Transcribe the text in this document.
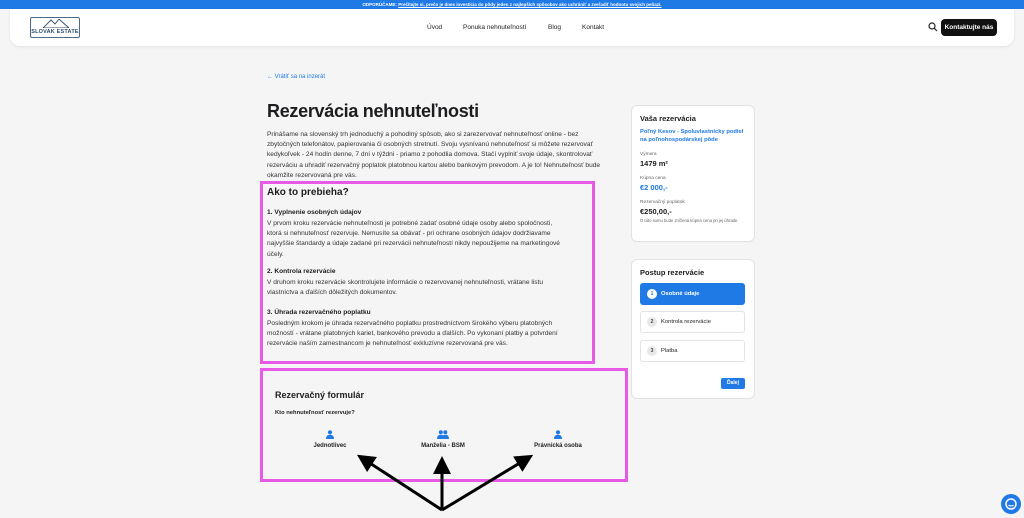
ODPORÚČAME: Prečítajte si, prečo je dnes investícia do pôdy jeden z najlepších spôsobov ako uchrániť a zveľadiť hodnotu svojich peňazí.
SLOVAK ESTATE
Úvod	Ponuka nehnuteľností	Blog	Kontakt	Kontaktujte nás
← Vrátiť sa na inzerát
Rezervácia nehnuteľnosti
Prinášame na slovenský trh jednoduchý a pohodlný spôsob, ako si zarezervovať nehnuteľnosť online - bez zbytočných telefonátov, papierovania či osobných stretnutí. Svoju vysnívanú nehnuteľnosť si môžete rezervovať kedykoľvek - 24 hodín denne, 7 dní v týždni - priamo z pohodlia domova. Stačí vyplniť svoje údaje, skontrolovať rezerváciu a uhradiť rezervačný poplatok platobnou kartou alebo bankovým prevodom. A je to! Nehnuteľnosť bude okamžite rezervovaná pre vás.
Ako to prebieha?
1. Vyplnenie osobných údajov
V prvom kroku rezervácie nehnuteľnosti je potrebné zadať osobné údaje osoby alebo spoločnosti, ktorá si nehnuteľnosť rezervuje. Nemusíte sa obávať - pri ochrane osobných údajov dodržiavame najvyššie štandardy a údaje zadané pri rezervácii nehnuteľností nikdy nepoužijeme na marketingové účely.
2. Kontrola rezervácie
V druhom kroku rezervácie skontrolujete informácie o rezervovanej nehnuteľnosti, vrátane listu vlastníctva a ďalších dôležitých dokumentov.
3. Úhrada rezervačného poplatku
Posledným krokom je úhrada rezervačného poplatku prostredníctvom širokého výberu platobných možností - vrátane platobných kariet, bankového prevodu a ďalších. Po vykonaní platby a potvrdení rezervácie naším zamestnancom je nehnuteľnosť exkluzívne rezervovaná pre vás.
Rezervačný formulár
Kto nehnuteľnosť rezervuje?
Jednotlivec	Manželia - BSM	Právnická osoba
Vaša rezervácia
Poľný Kesov - Spoluvlastnícky podiel na poľnohospodárskej pôde
Výmera
1479 m²
Kúpna cena
€2 000,-
Rezervačný poplatok
€250,00,-
O túto sumu bude znížená kúpna cena pri jej úhrade.
Postup rezervácie
1	Osobné údaje
2	Kontrola rezervácie
3	Platba
Ďalej
